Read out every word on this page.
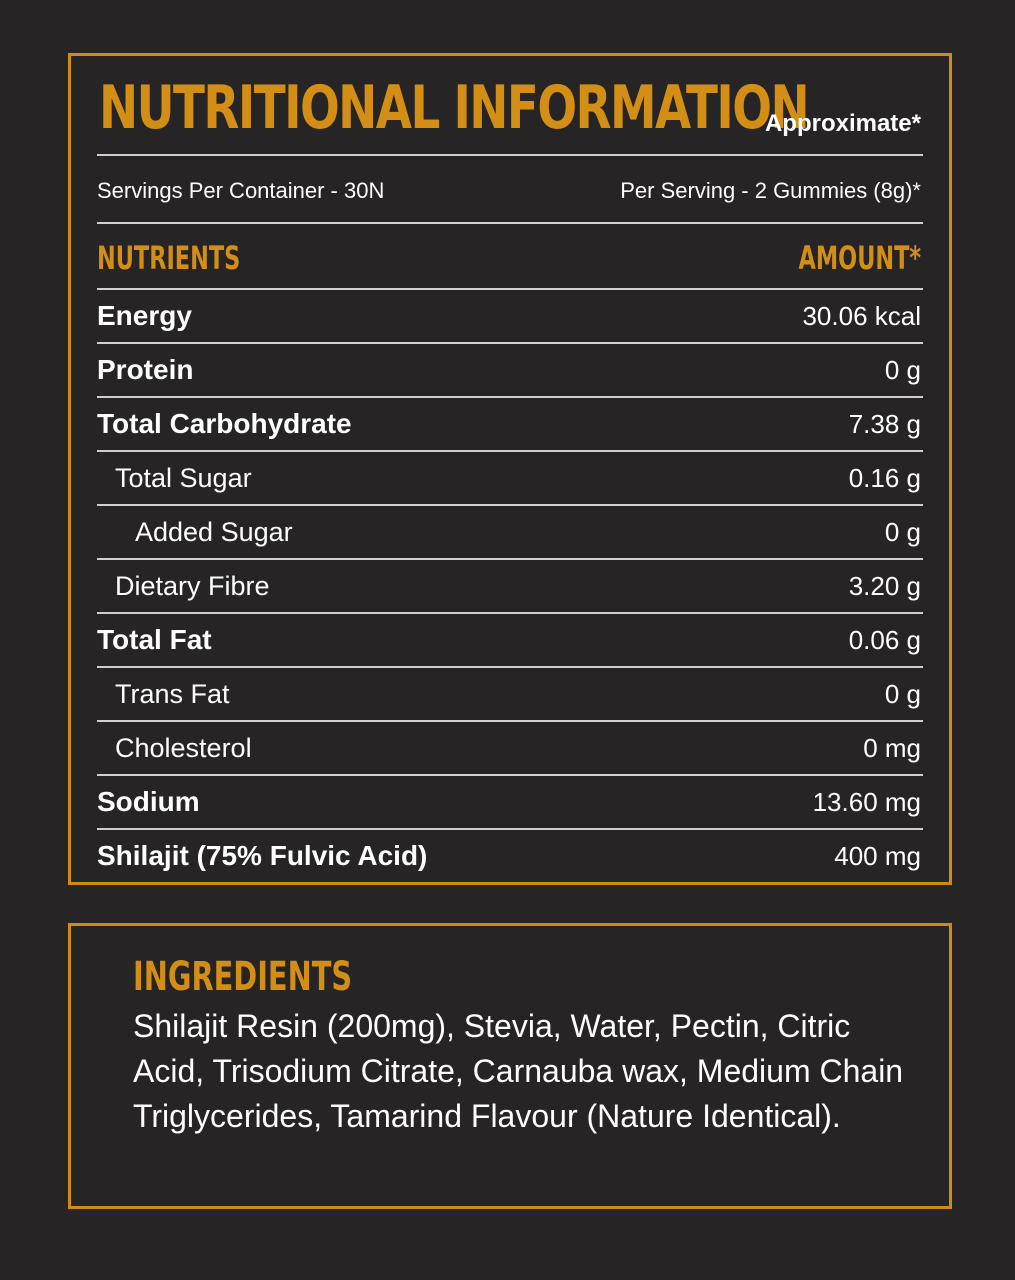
NUTRITIONAL INFORMATION
Approximate*
Servings Per Container - 30N	Per Serving - 2 Gummies (8g)*
NUTRIENTS	AMOUNT*
Energy	30.06 kcal
Protein	0 g
Total Carbohydrate	7.38 g
Total Sugar	0.16 g
Added Sugar	0 g
Dietary Fibre	3.20 g
Total Fat	0.06 g
Trans Fat	0 g
Cholesterol	0 mg
Sodium	13.60 mg
Shilajit (75% Fulvic Acid)	400 mg
INGREDIENTS
Shilajit Resin (200mg), Stevia, Water, Pectin, Citric Acid, Trisodium Citrate, Carnauba wax, Medium Chain Triglycerides, Tamarind Flavour (Nature Identical).
